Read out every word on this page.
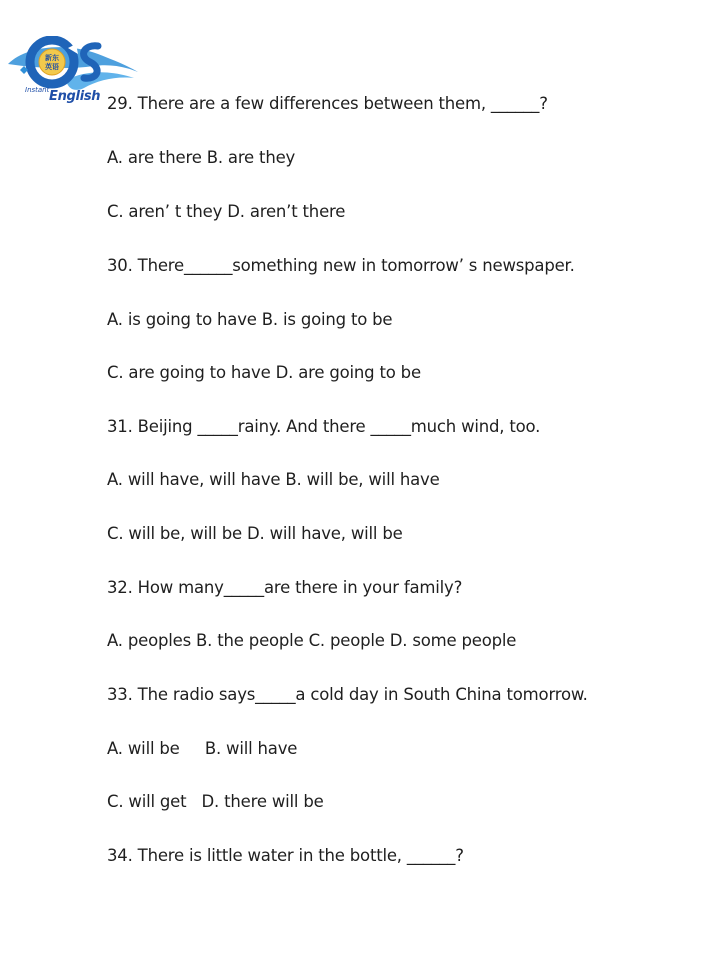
新东
英语
Instant English 29. There are a few differences between them, ______?
A. are there B. are they
C. aren’ t they D. aren’t there
30. There______something new in tomorrow’ s newspaper.
A. is going to have B. is going to be
C. are going to have D. are going to be
31. Beijing _____rainy. And there _____much wind, too.
A. will have, will have B. will be, will have
C. will be, will be D. will have, will be
32. How many_____are there in your family?
A. peoples B. the people C. people D. some people
33. The radio says_____a cold day in South China tomorrow.
A. will be     B. will have
C. will get   D. there will be
34. There is little water in the bottle, ______?
